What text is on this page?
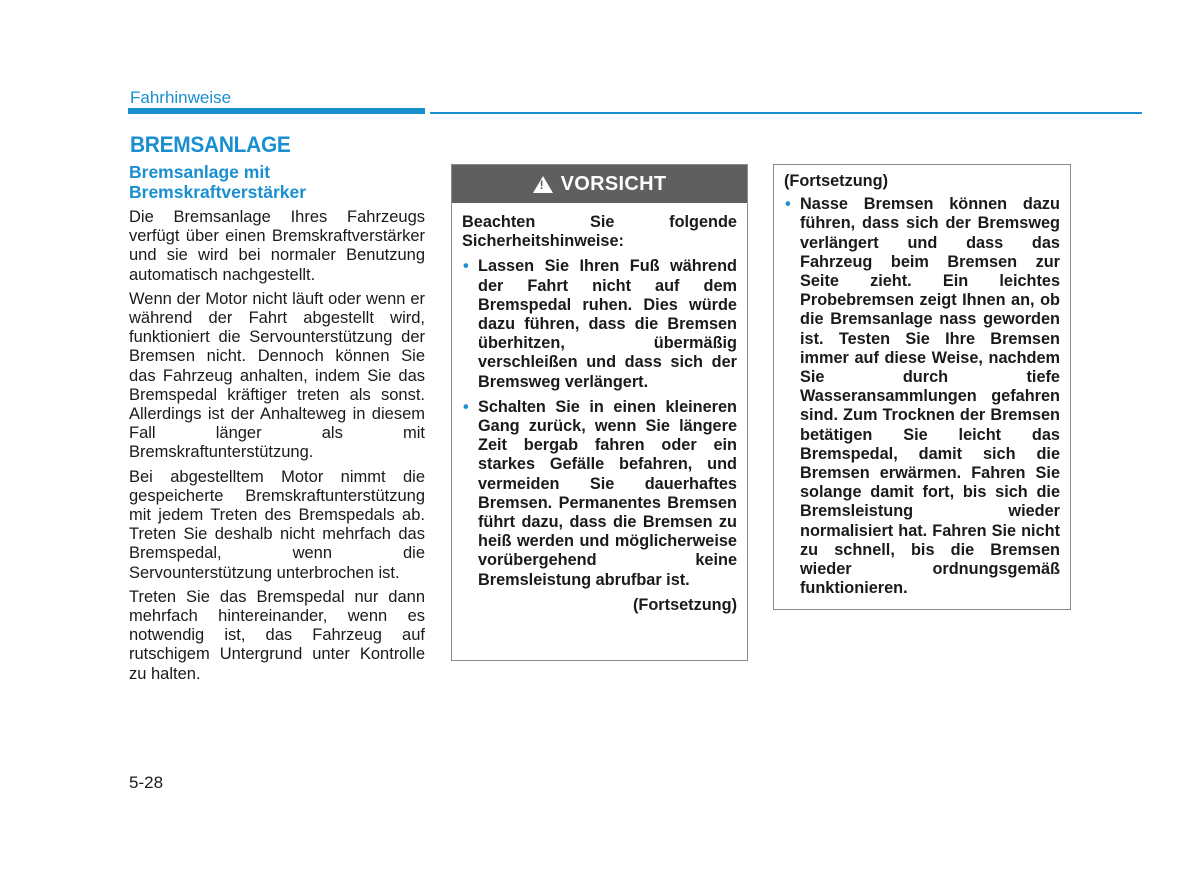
Fahrhinweise
BREMSANLAGE
Bremsanlage mit Bremskraftverstärker

Die Bremsanlage Ihres Fahrzeugs verfügt über einen Bremskraftverstärker und sie wird bei normaler Benutzung automatisch nachgestellt.

Wenn der Motor nicht läuft oder wenn er während der Fahrt abgestellt wird, funktioniert die Servounterstützung der Bremsen nicht. Dennoch können Sie das Fahrzeug anhalten, indem Sie das Bremspedal kräftiger treten als sonst. Allerdings ist der Anhalteweg in diesem Fall länger als mit Bremskraftunterstützung.

Bei abgestelltem Motor nimmt die gespeicherte Bremskraftunterstützung mit jedem Treten des Bremspedals ab. Treten Sie deshalb nicht mehrfach das Bremspedal, wenn die Servounterstützung unterbrochen ist.

Treten Sie das Bremspedal nur dann mehrfach hintereinander, wenn es notwendig ist, das Fahrzeug auf rutschigem Untergrund unter Kontrolle zu halten.

!
VORSICHT

Beachten Sie folgende Sicherheitshinweise:

• Lassen Sie Ihren Fuß während der Fahrt nicht auf dem Bremspedal ruhen. Dies würde dazu führen, dass die Bremsen überhitzen, übermäßig verschleißen und dass sich der Bremsweg verlängert.
• Schalten Sie in einen kleineren Gang zurück, wenn Sie längere Zeit bergab fahren oder ein starkes Gefälle befahren, und vermeiden Sie dauerhaftes Bremsen. Permanentes Bremsen führt dazu, dass die Bremsen zu heiß werden und möglicherweise vorübergehend keine Bremsleistung abrufbar ist.

(Fortsetzung)

(Fortsetzung)

• Nasse Bremsen können dazu führen, dass sich der Bremsweg verlängert und dass das Fahrzeug beim Bremsen zur Seite zieht. Ein leichtes Probebremsen zeigt Ihnen an, ob die Bremsanlage nass geworden ist. Testen Sie Ihre Bremsen immer auf diese Weise, nachdem Sie durch tiefe Wasseransammlungen gefahren sind. Zum Trocknen der Bremsen betätigen Sie leicht das Bremspedal, damit sich die Bremsen erwärmen. Fahren Sie solange damit fort, bis sich die Bremsleistung wieder normalisiert hat. Fahren Sie nicht zu schnell, bis die Bremsen wieder ordnungsgemäß funktionieren.
5-28
